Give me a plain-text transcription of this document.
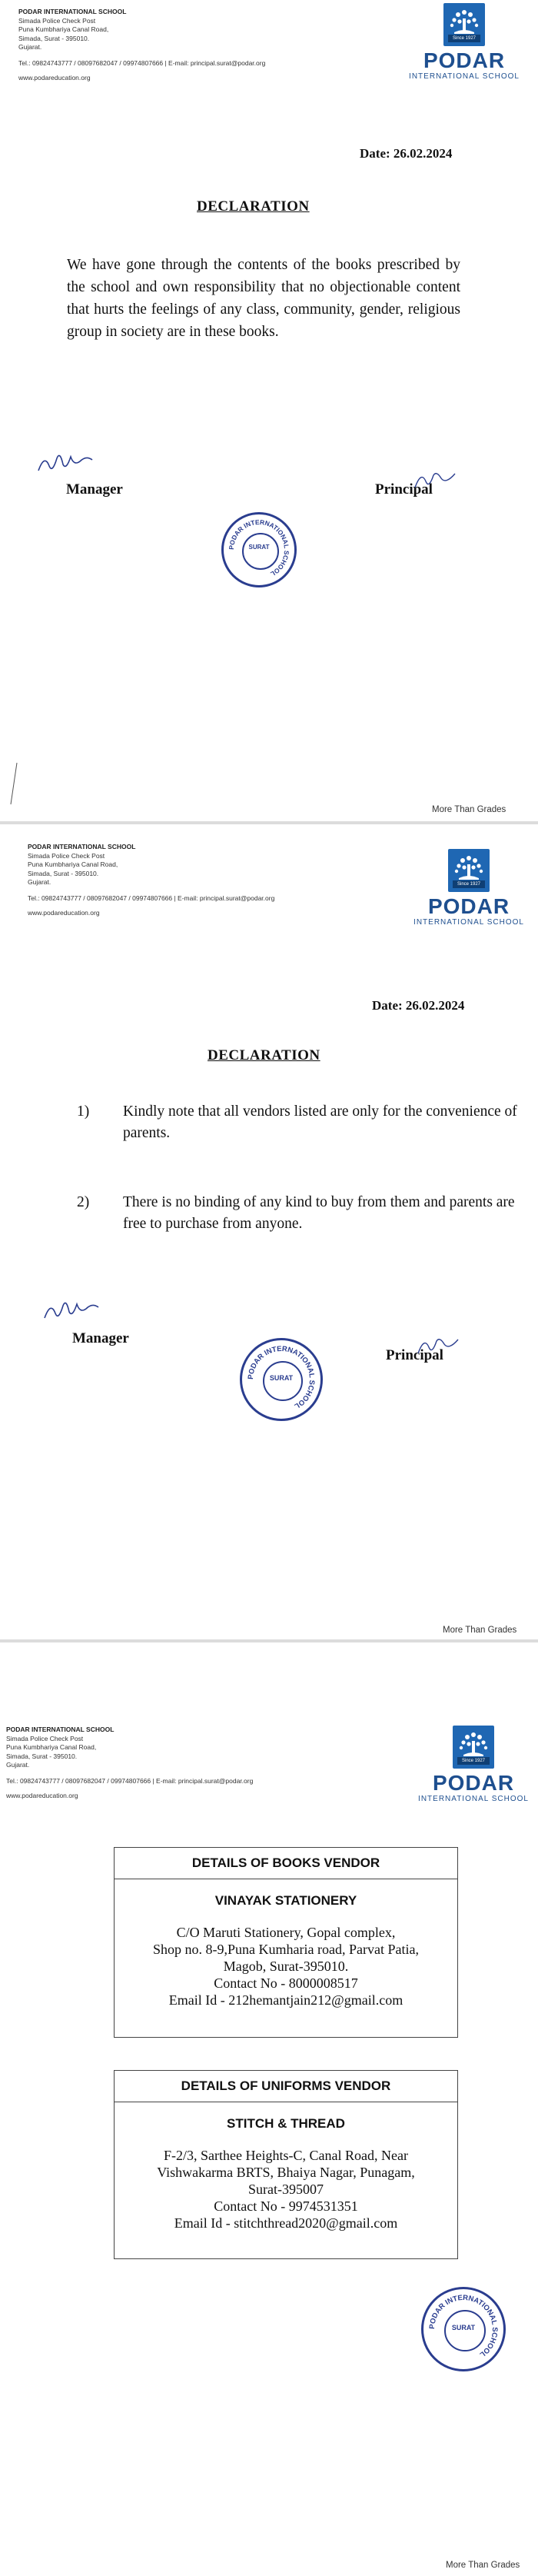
PODAR INTERNATIONAL SCHOOL
Simada Police Check Post
Puna Kumbhariya Canal Road,
Simada, Surat - 395010.
Gujarat.
Tel.: 09824743777 / 08097682047 / 09974807666 | E-mail: principal.surat@podar.org
www.podareducation.org
Since 1927
PODAR
INTERNATIONAL SCHOOL
Date: 26.02.2024
DECLARATION
We have gone through the contents of the books prescribed by the school and own responsibility that no objectionable content that hurts the feelings of any class, community, gender, religious group in society are in these books.
Manager	Principal
PODAR INTERNATIONAL SCHOOL
SURAT
More Than Grades
PODAR INTERNATIONAL SCHOOL
Simada Police Check Post
Puna Kumbhariya Canal Road,
Simada, Surat - 395010.
Gujarat.
Tel.: 09824743777 / 08097682047 / 09974807666 | E-mail: principal.surat@podar.org
www.podareducation.org
Since 1927
PODAR
INTERNATIONAL SCHOOL
Date: 26.02.2024
DECLARATION
1) Kindly note that all vendors listed are only for the convenience of parents.
2) There is no binding of any kind to buy from them and parents are free to purchase from anyone.
Manager
Principal
PODAR INTERNATIONAL SCHOOL
SURAT
More Than Grades
PODAR INTERNATIONAL SCHOOL
Simada Police Check Post
Puna Kumbhariya Canal Road,
Simada, Surat - 395010.
Gujarat.
Tel.: 09824743777 / 08097682047 / 09974807666 | E-mail: principal.surat@podar.org
www.podareducation.org
Since 1927
PODAR
INTERNATIONAL SCHOOL
DETAILS OF BOOKS VENDOR
VINAYAK STATIONERY
C/O Maruti Stationery, Gopal complex,
Shop no. 8-9,Puna Kumharia road, Parvat Patia,
Magob, Surat-395010.
Contact No - 8000008517
Email Id - 212hemantjain212@gmail.com
DETAILS OF UNIFORMS VENDOR
STITCH & THREAD
F-2/3, Sarthee Heights-C, Canal Road, Near
Vishwakarma BRTS, Bhaiya Nagar, Punagam,
Surat-395007
Contact No - 9974531351
Email Id - stitchthread2020@gmail.com
PODAR INTERNATIONAL SCHOOL
SURAT
More Than Grades
